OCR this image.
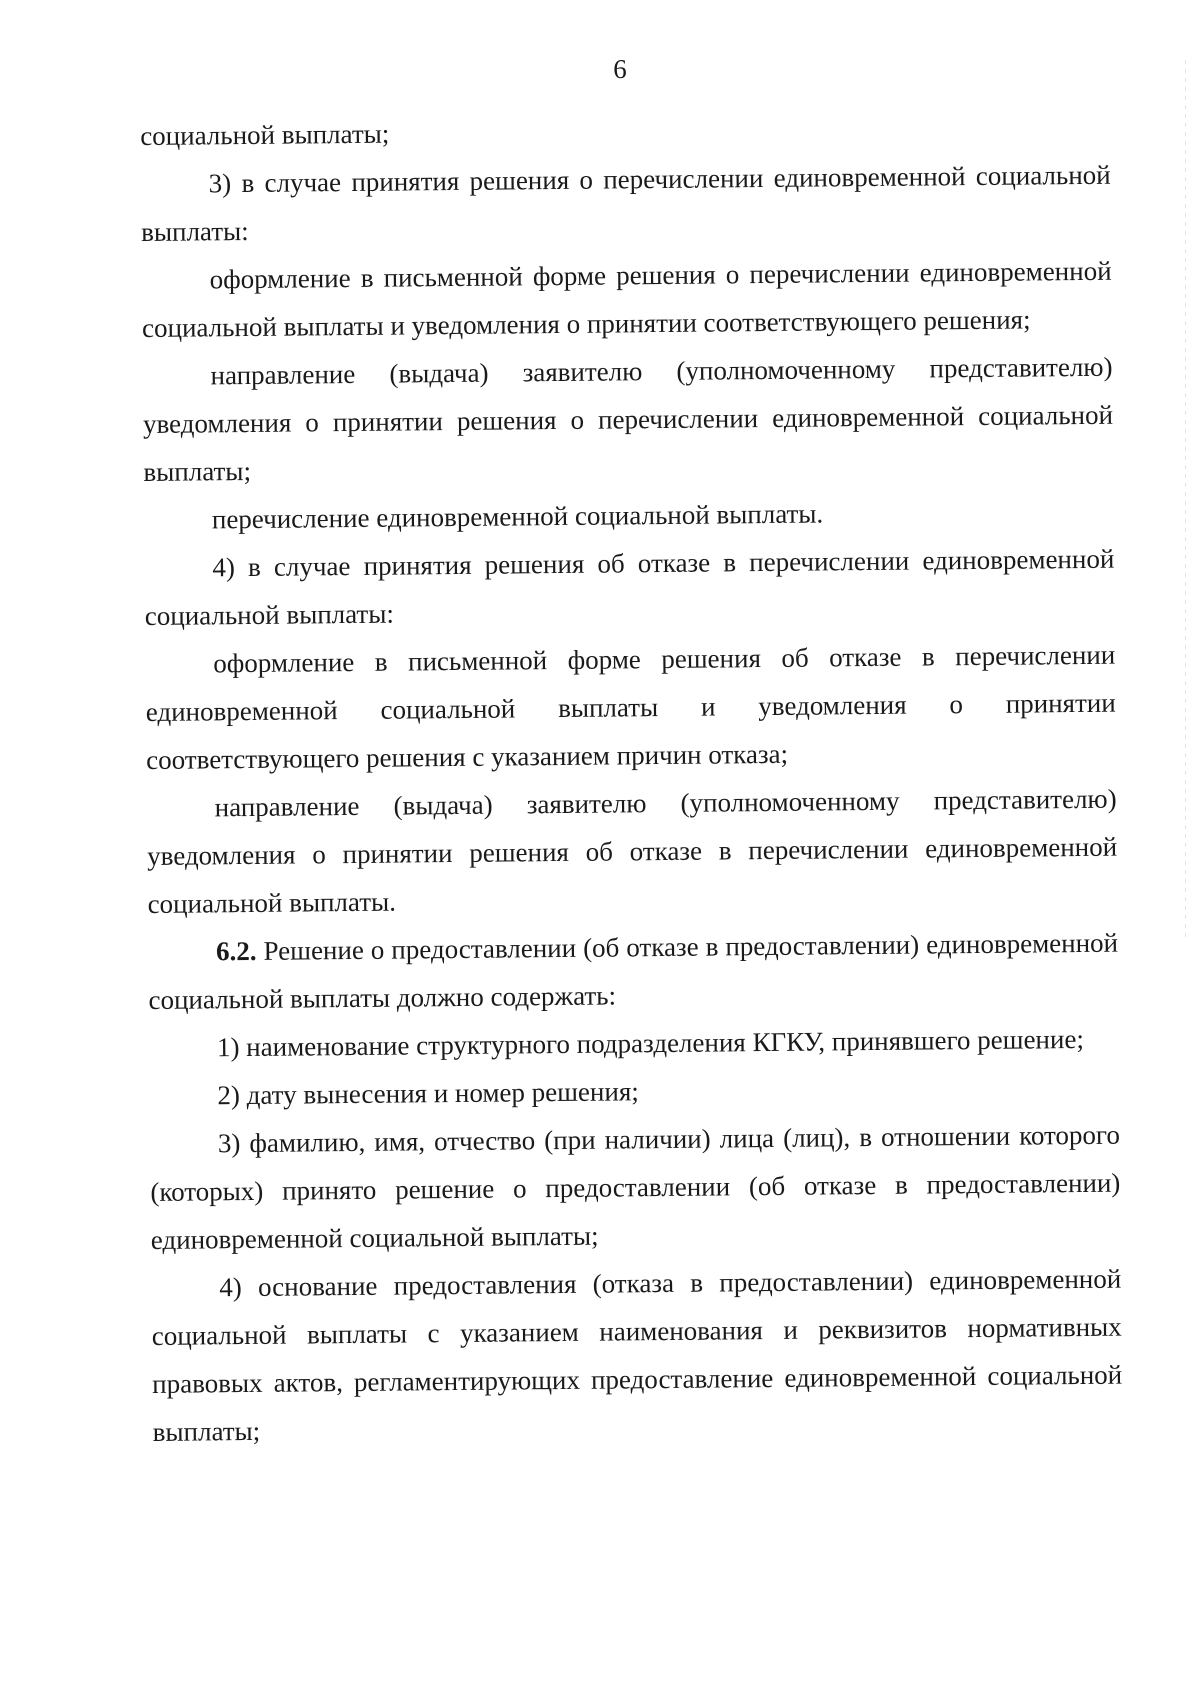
6

социальной выплаты;

3) в случае принятия решения о перечислении единовременной социальной выплаты:

оформление в письменной форме решения о перечислении единовременной социальной выплаты и уведомления о принятии соответствующего решения;

направление (выдача) заявителю (уполномоченному представителю) уведомления о принятии решения о перечислении единовременной социальной выплаты;

перечисление единовременной социальной выплаты.

4) в случае принятия решения об отказе в перечислении единовременной социальной выплаты:

оформление в письменной форме решения об отказе в перечислении единовременной социальной выплаты и уведомления о принятии соответствующего решения с указанием причин отказа;

направление (выдача) заявителю (уполномоченному представителю) уведомления о принятии решения об отказе в перечислении единовременной социальной выплаты.

6.2. Решение о предоставлении (об отказе в предоставлении) единовременной социальной выплаты должно содержать:

1) наименование структурного подразделения КГКУ, принявшего решение;

2) дату вынесения и номер решения;

3) фамилию, имя, отчество (при наличии) лица (лиц), в отношении которого (которых) принято решение о предоставлении (об отказе в предоставлении) единовременной социальной выплаты;

4) основание предоставления (отказа в предоставлении) единовременной социальной выплаты с указанием наименования и реквизитов нормативных правовых актов, регламентирующих предоставление единовременной социальной выплаты;
